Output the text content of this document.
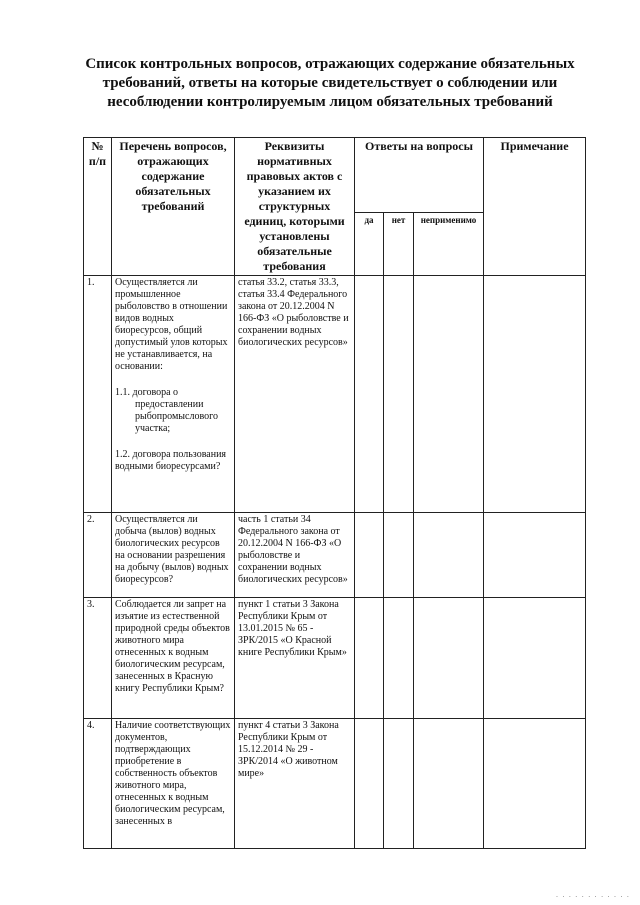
Список контрольных вопросов, отражающих содержание обязательных требований, ответы на которые свидетельствует о соблюдении или несоблюдении контролируемым лицом обязательных требований
№ п/п	Перечень вопросов, отражающих содержание обязательных требований	Реквизиты нормативных правовых актов с указанием их структурных единиц, которыми установлены обязательные требования	Ответы на вопросы			Примечание
			да	нет	неприменимо	
1.	Осуществляется ли промышленное рыболовство в отношении видов водных биоресурсов, общий допустимый улов которых не устанавливается, на основании:
1.1. договора о
предоставлении рыбопромыслового участка;
1.2. договора пользования водными биоресурсами?	статья 33.2, статья 33.3, статья 33.4 Федерального закона от 20.12.2004 N 166-ФЗ «О рыболовстве и сохранении водных биологических ресурсов»				
2.	Осуществляется ли добыча (вылов) водных биологических ресурсов на основании разрешения на добычу (вылов) водных биоресурсов?	часть 1 статьи 34 Федерального закона от 20.12.2004 N 166-ФЗ «О рыболовстве и сохранении водных биологических ресурсов»				
3.	Соблюдается ли запрет на изъятие из естественной природной среды объектов животного мира отнесенных к водным биологическим ресурсам, занесенных в Красную книгу Республики Крым?	пункт 1 статьи 3 Закона Республики Крым от 13.01.2015 № 65 - ЗРК/2015 «О Красной книге Республики Крым»				
4.	Наличие соответствующих документов, подтверждающих приобретение в собственность объектов животного мира, отнесенных к водным биологическим ресурсам, занесенных в	пункт 4 статьи 3 Закона Республики Крым от 15.12.2014 № 29 - ЗРК/2014 «О животном мире»				
· · · · · · · · · · · ·
